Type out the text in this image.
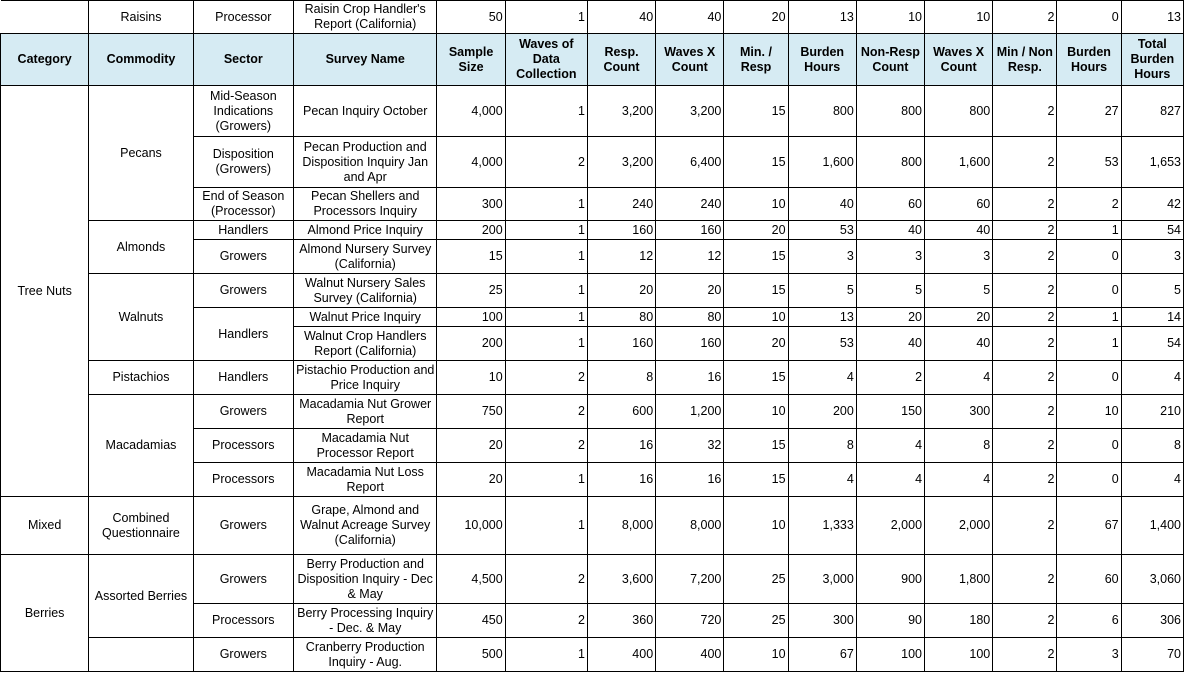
	Raisins	Processor	Raisin Crop Handler's Report (California)	50	1	40	40	20	13	10	10	2	0	13
Category	Commodity	Sector	Survey Name	Sample Size	Waves of Data Collection	Resp. Count	Waves X Count	Min. / Resp	Burden Hours	Non-Resp Count	Waves X Count	Min / Non Resp.	Burden Hours	Total Burden Hours
Tree Nuts	Pecans	Mid-Season Indications (Growers)	Pecan Inquiry October	4,000	1	3,200	3,200	15	800	800	800	2	27	827
		Disposition (Growers)	Pecan Production and Disposition Inquiry Jan and Apr	4,000	2	3,200	6,400	15	1,600	800	1,600	2	53	1,653
		End of Season (Processor)	Pecan Shellers and Processors Inquiry	300	1	240	240	10	40	60	60	2	2	42
	Almonds	Handlers	Almond Price Inquiry	200	1	160	160	20	53	40	40	2	1	54
		Growers	Almond Nursery Survey (California)	15	1	12	12	15	3	3	3	2	0	3
	Walnuts	Growers	Walnut Nursery Sales Survey (California)	25	1	20	20	15	5	5	5	2	0	5
		Handlers	Walnut Price Inquiry	100	1	80	80	10	13	20	20	2	1	14
			Walnut Crop Handlers Report (California)	200	1	160	160	20	53	40	40	2	1	54
	Pistachios	Handlers	Pistachio Production and Price Inquiry	10	2	8	16	15	4	2	4	2	0	4
	Macadamias	Growers	Macadamia Nut Grower Report	750	2	600	1,200	10	200	150	300	2	10	210
		Processors	Macadamia Nut Processor Report	20	2	16	32	15	8	4	8	2	0	8
		Processors	Macadamia Nut Loss Report	20	1	16	16	15	4	4	4	2	0	4
Mixed	Combined Questionnaire	Growers	Grape, Almond and Walnut Acreage Survey (California)	10,000	1	8,000	8,000	10	1,333	2,000	2,000	2	67	1,400
Berries	Assorted Berries	Growers	Berry Production and Disposition Inquiry - Dec & May	4,500	2	3,600	7,200	25	3,000	900	1,800	2	60	3,060
		Processors	Berry Processing Inquiry - Dec. & May	450	2	360	720	25	300	90	180	2	6	306
		Growers	Cranberry Production Inquiry - Aug.	500	1	400	400	10	67	100	100	2	3	70
